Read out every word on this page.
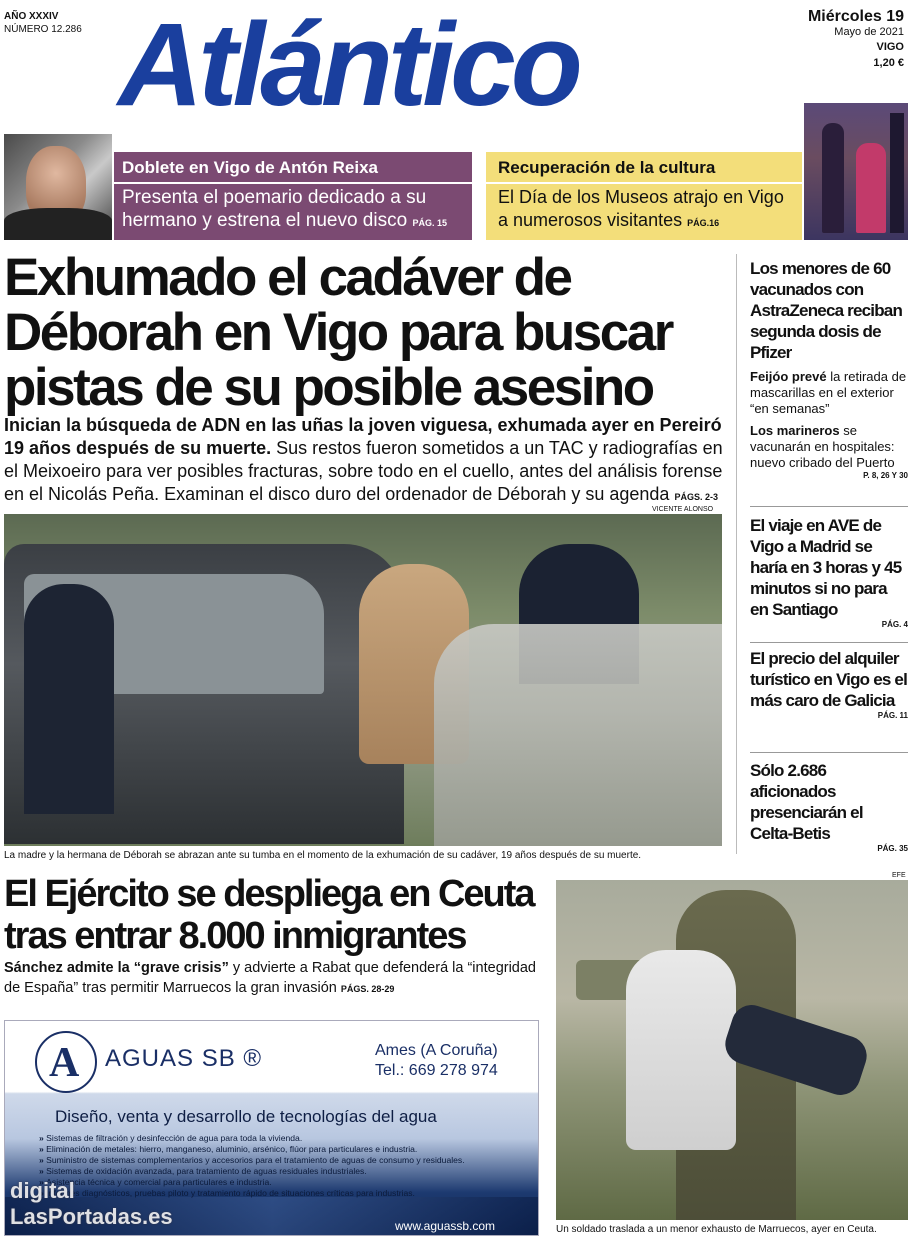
AÑO XXXIV
NÚMERO 12.286 Atlántico	Miércoles 19
Mayo de 2021
VIGO
1,20 €
Doblete en Vigo de Antón Reixa
Presenta el poemario dedicado a su hermano y estrena el nuevo disco PÁG. 15
Recuperación de la cultura
El Día de los Museos atrajo en Vigo a numerosos visitantes PÁG.16
Exhumado el cadáver de Déborah en Vigo para buscar pistas de su posible asesino
Inician la búsqueda de ADN en las uñas la joven viguesa, exhumada ayer en Pereiró 19 años después de su muerte. Sus restos fueron sometidos a un TAC y radiografías en el Meixoeiro para ver posibles fracturas, sobre todo en el cuello, antes del análisis forense en el Nicolás Peña. Examinan el disco duro del ordenador de Déborah y su agenda PÁGS. 2-3
VICENTE ALONSO
La madre y la hermana de Déborah se abrazan ante su tumba en el momento de la exhumación de su cadáver, 19 años después de su muerte.
Los menores de 60 vacunados con AstraZeneca reciban segunda dosis de Pfizer
Feijóo prevé la retirada de mascarillas en el exterior “en semanas”
Los marineros se vacunarán en hospitales: nuevo cribado del Puerto
P. 8, 26 Y 30
El viaje en AVE de Vigo a Madrid se haría en 3 horas y 45 minutos si no para en Santiago
PÁG. 4
El precio del alquiler turístico en Vigo es el más caro de Galicia
PÁG. 11
Sólo 2.686 aficionados presenciarán el Celta-Betis
PÁG. 35
El Ejército se despliega en Ceuta tras entrar 8.000 inmigrantes
Sánchez admite la “grave crisis” y advierte a Rabat que defenderá la “integridad de España” tras permitir Marruecos la gran invasión PÁGS. 28-29
A AGUAS SB ®	Ames (A Coruña)
Tel.: 669 278 974
Diseño, venta y desarrollo de tecnologías del agua
» Sistemas de filtración y desinfección de agua para toda la vivienda.
» Eliminación de metales: hierro, manganeso, aluminio, arsénico, flúor para particulares e industria.
» Suministro de sistemas complementarios y accesorios para el tratamiento de aguas de consumo y residuales.
» Sistemas de oxidación avanzada, para tratamiento de aguas residuales industriales.
» Asistencia técnica y comercial para particulares e industria.
» Informes diagnósticos, pruebas piloto y tratamiento rápido de situaciones críticas para industrias.
www.aguassb.com
digital
LasPortadas.es
EFE
Un soldado traslada a un menor exhausto de Marruecos, ayer en Ceuta.
